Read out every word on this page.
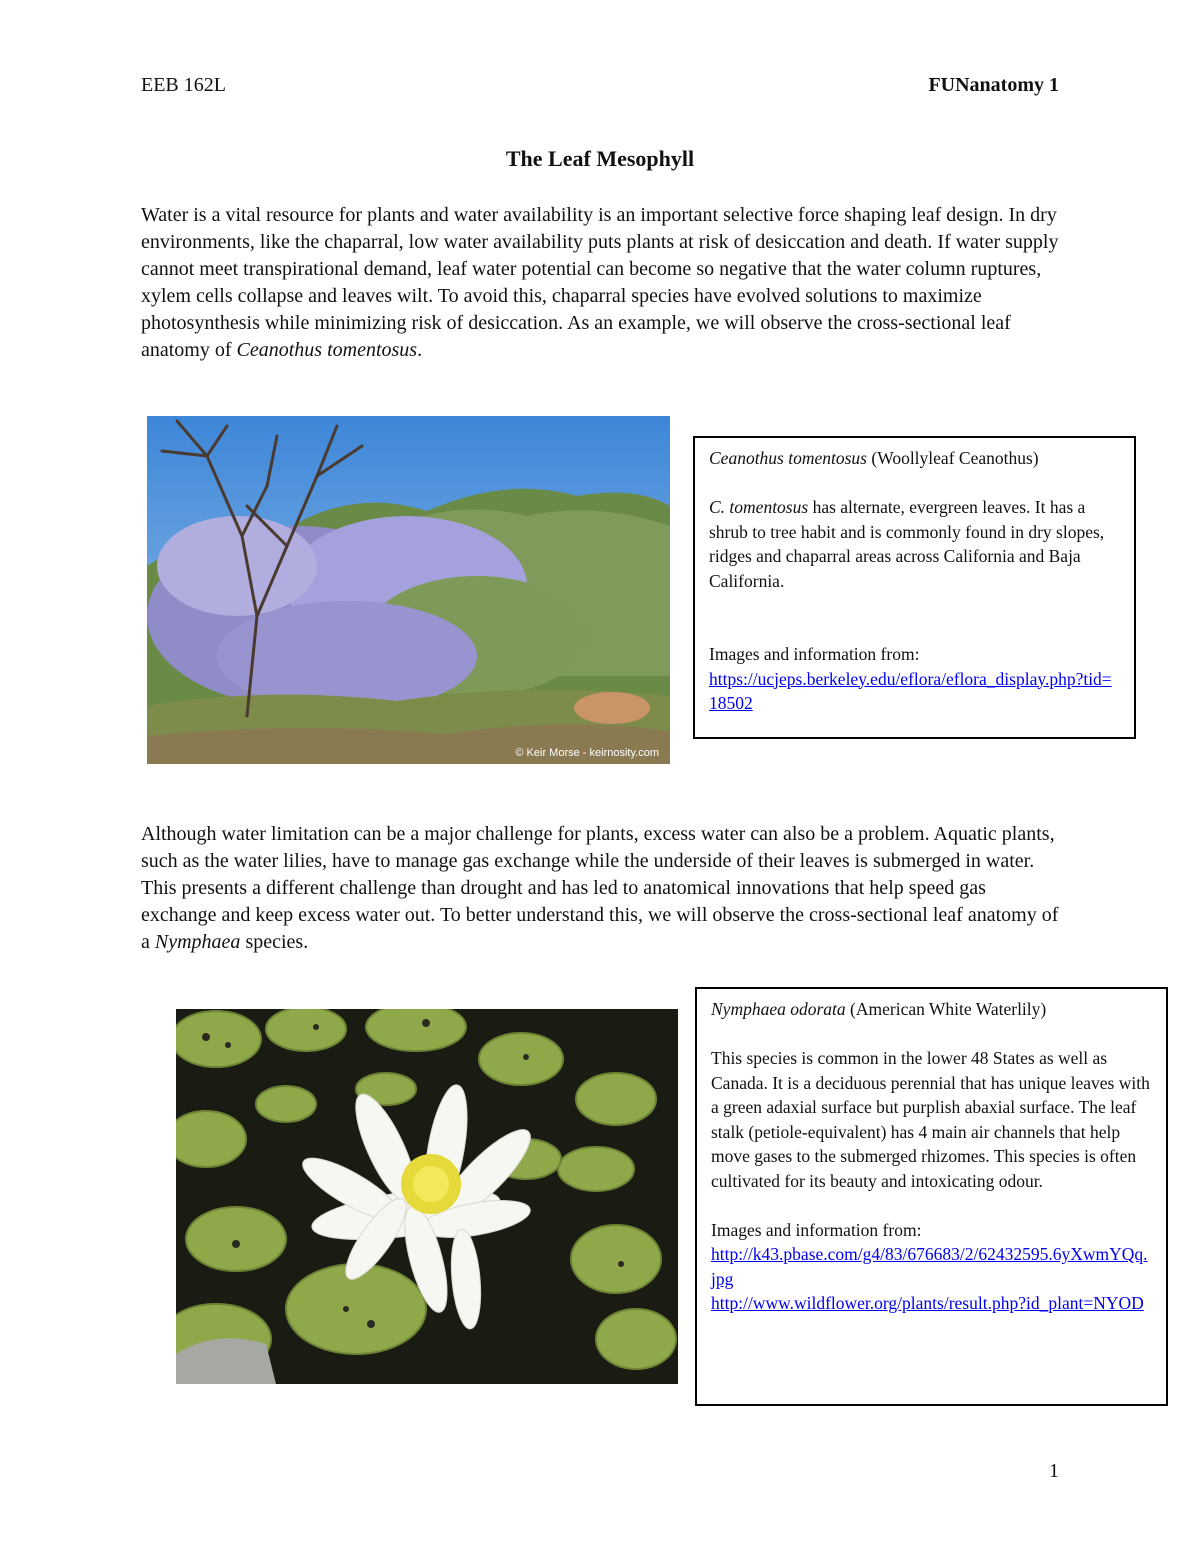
EEB 162L	FUNanatomy 1
The Leaf Mesophyll
Water is a vital resource for plants and water availability is an important selective force shaping leaf design. In dry environments, like the chaparral, low water availability puts plants at risk of desiccation and death. If water supply cannot meet transpirational demand, leaf water potential can become so negative that the water column ruptures, xylem cells collapse and leaves wilt. To avoid this, chaparral species have evolved solutions to maximize photosynthesis while minimizing risk of desiccation. As an example, we will observe the cross-sectional leaf anatomy of Ceanothus tomentosus.
© Keir Morse - keirnosity.com

Ceanothus tomentosus (Woollyleaf Ceanothus)

C. tomentosus has alternate, evergreen leaves. It has a shrub to tree habit and is commonly found in dry slopes, ridges and chaparral areas across California and Baja California.

Images and information from:

https://ucjeps.berkeley.edu/eflora/eflora_display.php?tid=18502

Although water limitation can be a major challenge for plants, excess water can also be a problem. Aquatic plants, such as the water lilies, have to manage gas exchange while the underside of their leaves is submerged in water. This presents a different challenge than drought and has led to anatomical innovations that help speed gas exchange and keep excess water out. To better understand this, we will observe the cross-sectional leaf anatomy of a Nymphaea species.

Nymphaea odorata (American White Waterlily)

This species is common in the lower 48 States as well as Canada. It is a deciduous perennial that has unique leaves with a green adaxial surface but purplish abaxial surface. The leaf stalk (petiole-equivalent) has 4 main air channels that help move gases to the submerged rhizomes. This species is often cultivated for its beauty and intoxicating odour.

Images and information from:

http://k43.pbase.com/g4/83/676683/2/62432595.6yXwmYQq.jpg

http://www.wildflower.org/plants/result.php?id_plant=NYOD

1
